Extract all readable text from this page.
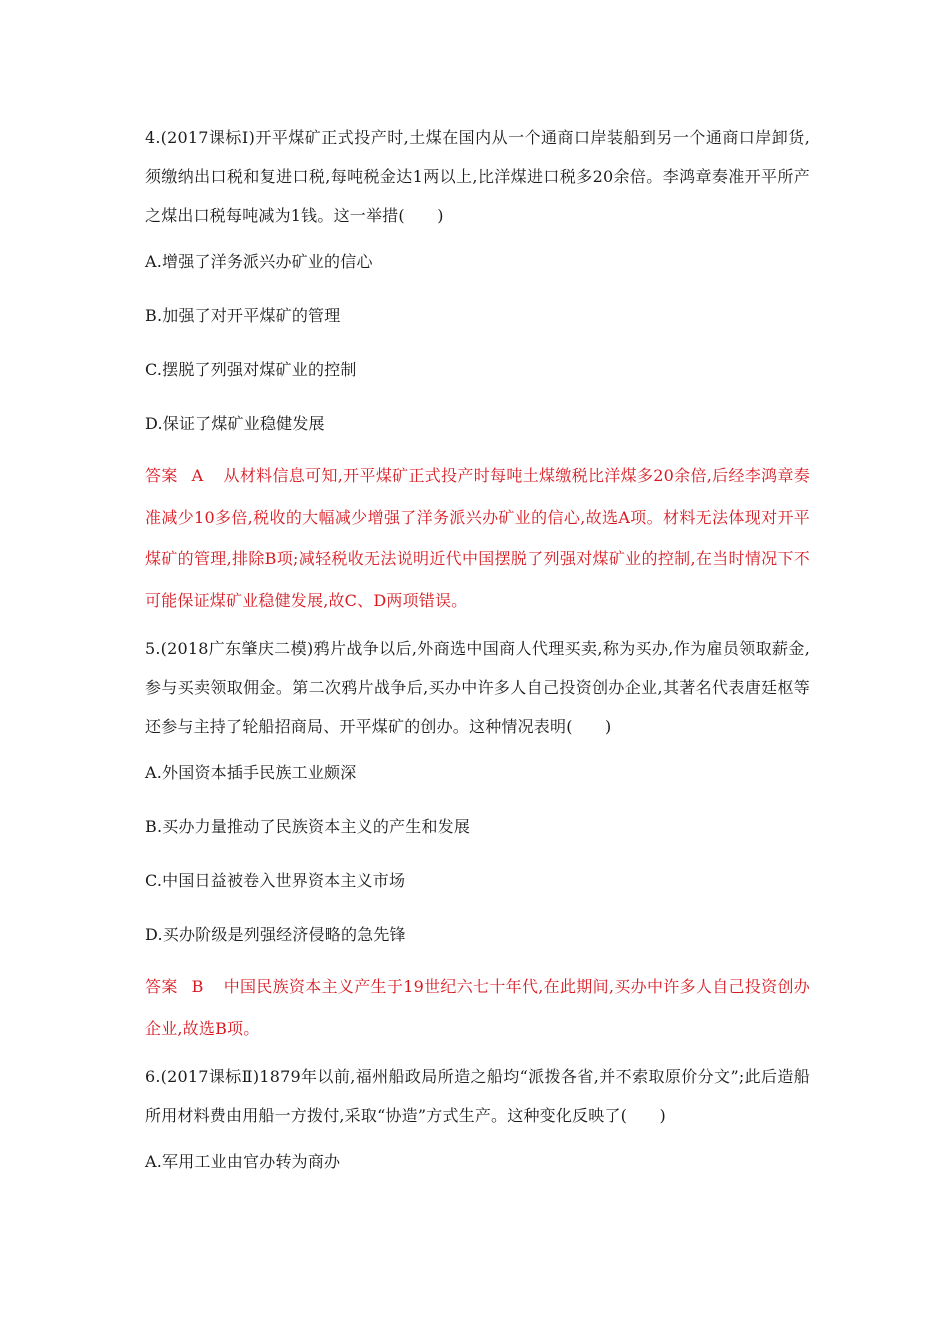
4.(2017课标Ⅰ)开平煤矿正式投产时,土煤在国内从一个通商口岸装船到另一个通商口岸卸货,须缴纳出口税和复进口税,每吨税金达1两以上,比洋煤进口税多20余倍。李鸿章奏准开平所产之煤出口税每吨减为1钱。这一举措(　　)

A.增强了洋务派兴办矿业的信心

B.加强了对开平煤矿的管理

C.摆脱了列强对煤矿业的控制

D.保证了煤矿业稳健发展

答案 A 从材料信息可知,开平煤矿正式投产时每吨土煤缴税比洋煤多20余倍,后经李鸿章奏准减少10多倍,税收的大幅减少增强了洋务派兴办矿业的信心,故选A项。材料无法体现对开平煤矿的管理,排除B项;减轻税收无法说明近代中国摆脱了列强对煤矿业的控制,在当时情况下不可能保证煤矿业稳健发展,故C、D两项错误。

5.(2018广东肇庆二模)鸦片战争以后,外商选中国商人代理买卖,称为买办,作为雇员领取薪金,参与买卖领取佣金。第二次鸦片战争后,买办中许多人自己投资创办企业,其著名代表唐廷枢等还参与主持了轮船招商局、开平煤矿的创办。这种情况表明(　　)

A.外国资本插手民族工业颇深

B.买办力量推动了民族资本主义的产生和发展

C.中国日益被卷入世界资本主义市场

D.买办阶级是列强经济侵略的急先锋

答案 B 中国民族资本主义产生于19世纪六七十年代,在此期间,买办中许多人自己投资创办企业,故选B项。

6.(2017课标Ⅱ)1879年以前,福州船政局所造之船均“派拨各省,并不索取原价分文”;此后造船所用材料费由用船一方拨付,采取“协造”方式生产。这种变化反映了(　　)

A.军用工业由官办转为商办
